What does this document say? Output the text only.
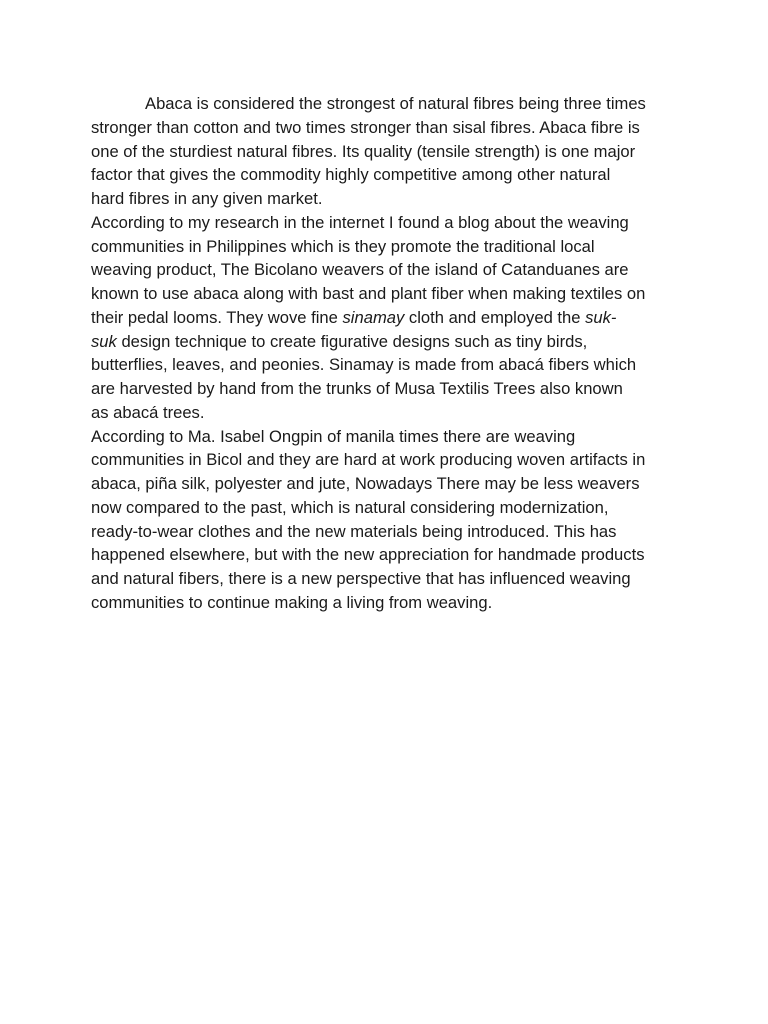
Abaca is considered the strongest of natural fibres being three times
stronger than cotton and two times stronger than sisal fibres. Abaca fibre is
one of the sturdiest natural fibres. Its quality (tensile strength) is one major
factor that gives the commodity highly competitive among other natural
hard fibres in any given market.
According to my research in the internet I found a blog about the weaving
communities in Philippines which is they promote the traditional local
weaving product, The Bicolano weavers of the island of Catanduanes are
known to use abaca along with bast and plant fiber when making textiles on
their pedal looms. They wove fine sinamay cloth and employed the suk-
suk design technique to create figurative designs such as tiny birds,
butterflies, leaves, and peonies. Sinamay is made from abacá fibers which
are harvested by hand from the trunks of Musa Textilis Trees also known
as abacá trees.
According to Ma. Isabel Ongpin of manila times there are weaving
communities in Bicol and they are hard at work producing woven artifacts in
abaca, piña silk, polyester and jute, Nowadays There may be less weavers
now compared to the past, which is natural considering modernization,
ready-to-wear clothes and the new materials being introduced. This has
happened elsewhere, but with the new appreciation for handmade products
and natural fibers, there is a new perspective that has influenced weaving
communities to continue making a living from weaving.
